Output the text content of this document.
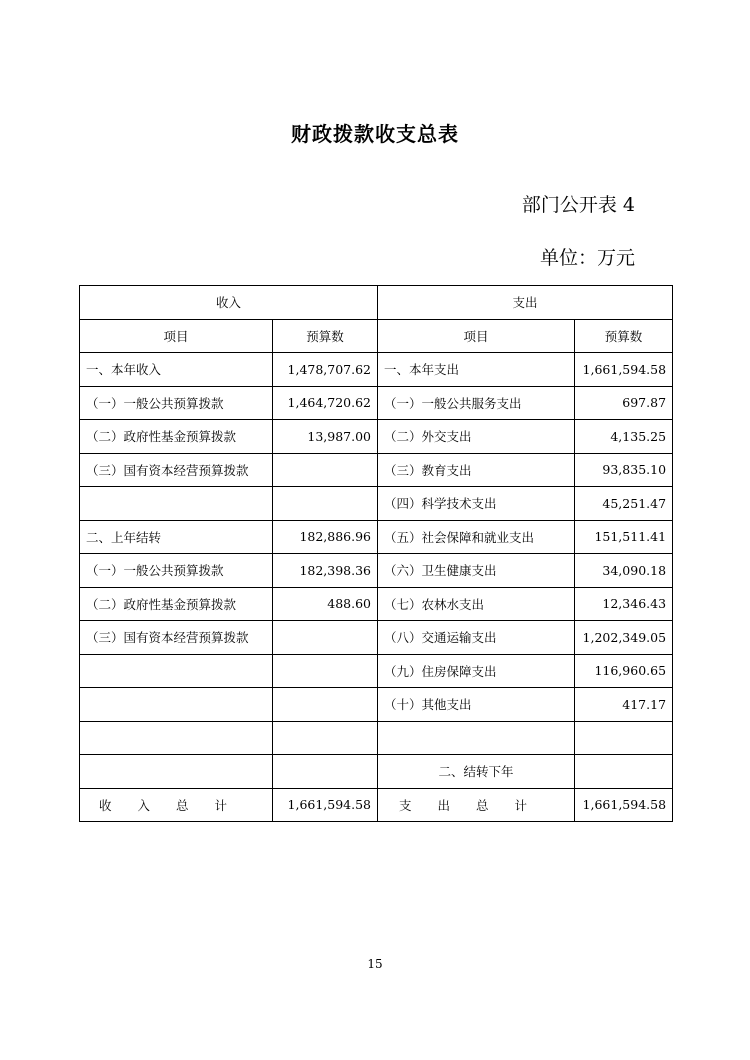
财政拨款收支总表
部门公开表 4
单位：万元
收入		支出	
项目	预算数	项目	预算数
一、本年收入	1,478,707.62	一、本年支出	1,661,594.58
（一）一般公共预算拨款	1,464,720.62	（一）一般公共服务支出	697.87
（二）政府性基金预算拨款	13,987.00	（二）外交支出	4,135.25
（三）国有资本经营预算拨款		（三）教育支出	93,835.10
		（四）科学技术支出	45,251.47
二、上年结转	182,886.96	（五）社会保障和就业支出	151,511.41
（一）一般公共预算拨款	182,398.36	（六）卫生健康支出	34,090.18
（二）政府性基金预算拨款	488.60	（七）农林水支出	12,346.43
（三）国有资本经营预算拨款		（八）交通运输支出	1,202,349.05
		（九）住房保障支出	116,960.65
		（十）其他支出	417.17

		二、结转下年	
收入总计	1,661,594.58	支出总计	1,661,594.58
15
